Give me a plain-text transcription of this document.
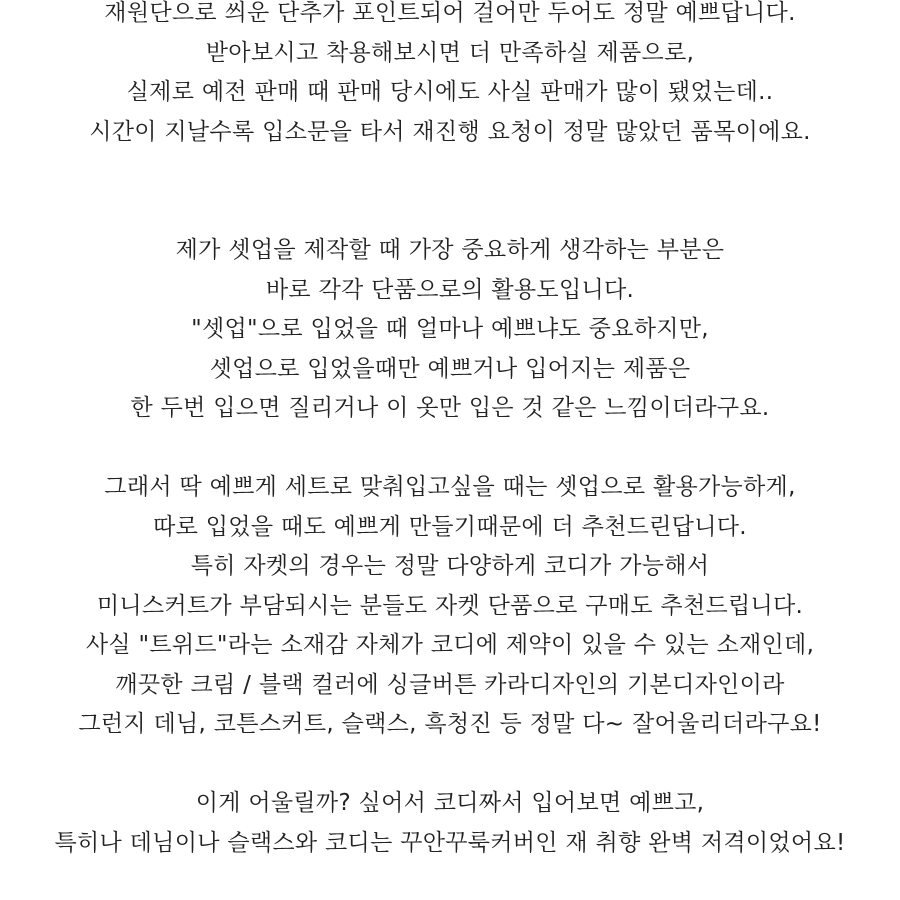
재원단으로 씌운 단추가 포인트되어 걸어만 두어도 정말 예쁘답니다.
받아보시고 착용해보시면 더 만족하실 제품으로,
실제로 예전 판매 때 판매 당시에도 사실 판매가 많이 됐었는데..
시간이 지날수록 입소문을 타서 재진행 요청이 정말 많았던 품목이에요.
제가 셋업을 제작할 때 가장 중요하게 생각하는 부분은
바로 각각 단품으로의 활용도입니다.
"셋업"으로 입었을 때 얼마나 예쁘냐도 중요하지만,
셋업으로 입었을때만 예쁘거나 입어지는 제품은
한 두번 입으면 질리거나 이 옷만 입은 것 같은 느낌이더라구요.
그래서 딱 예쁘게 세트로 맞춰입고싶을 때는 셋업으로 활용가능하게,
따로 입었을 때도 예쁘게 만들기때문에 더 추천드린답니다.
특히 자켓의 경우는 정말 다양하게 코디가 가능해서
미니스커트가 부담되시는 분들도 자켓 단품으로 구매도 추천드립니다.
사실 "트위드"라는 소재감 자체가 코디에 제약이 있을 수 있는 소재인데,
깨끗한 크림 / 블랙 컬러에 싱글버튼 카라디자인의 기본디자인이라
그런지 데님, 코튼스커트, 슬랙스, 흑청진 등 정말 다~ 잘어울리더라구요!
이게 어울릴까? 싶어서 코디짜서 입어보면 예쁘고,
특히나 데님이나 슬랙스와 코디는 꾸안꾸룩커버인 재 취향 완벽 저격이었어요!
